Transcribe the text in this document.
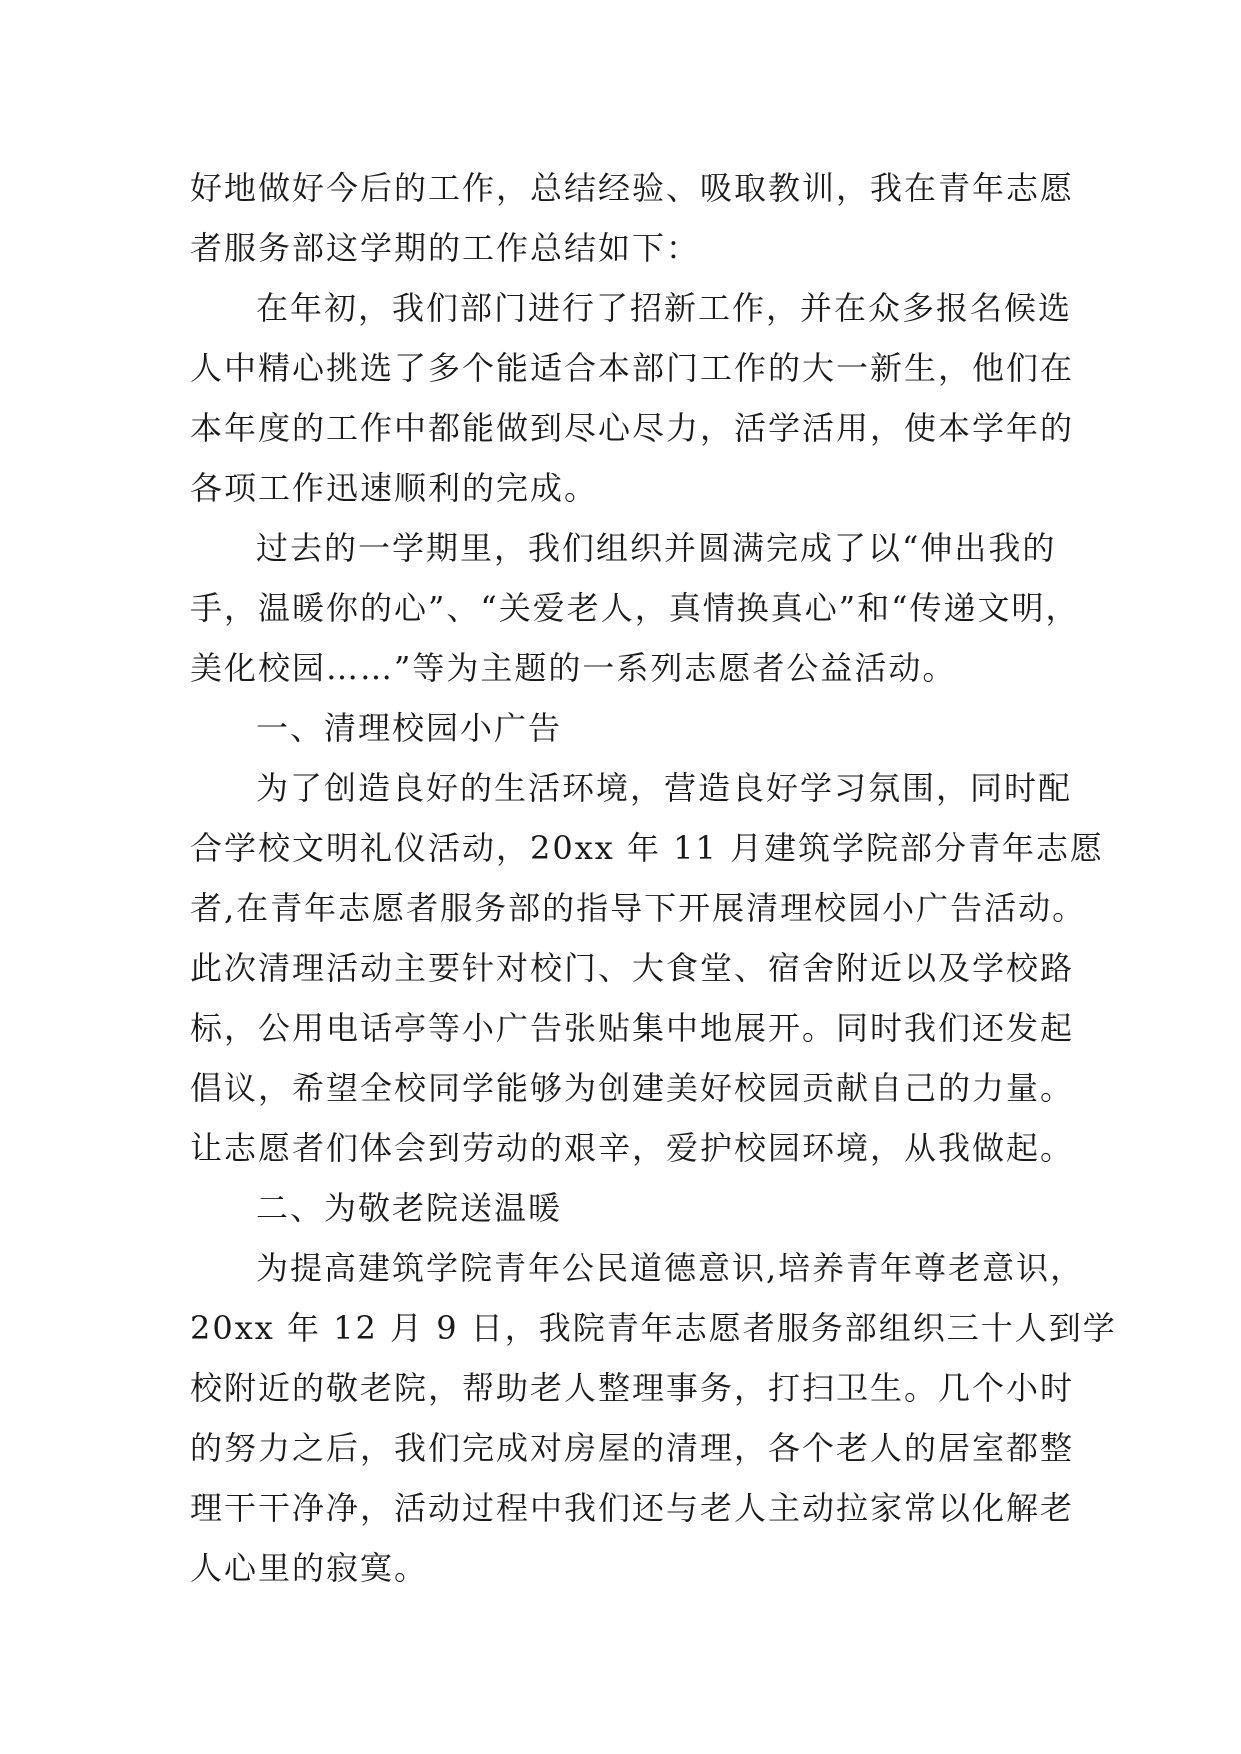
好地做好今后的工作，总结经验、吸取教训，我在青年志愿
者服务部这学期的工作总结如下：
在年初，我们部门进行了招新工作，并在众多报名候选
人中精心挑选了多个能适合本部门工作的大一新生，他们在
本年度的工作中都能做到尽心尽力，活学活用，使本学年的
各项工作迅速顺利的完成。
过去的一学期里，我们组织并圆满完成了以“伸出我的
手，温暖你的心”、“关爱老人，真情换真心”和“传递文明，
美化校园……”等为主题的一系列志愿者公益活动。
一、清理校园小广告
为了创造良好的生活环境，营造良好学习氛围，同时配
合学校文明礼仪活动，20xx 年 11 月建筑学院部分青年志愿
者,在青年志愿者服务部的指导下开展清理校园小广告活动。
此次清理活动主要针对校门、大食堂、宿舍附近以及学校路
标，公用电话亭等小广告张贴集中地展开。同时我们还发起
倡议，希望全校同学能够为创建美好校园贡献自己的力量。
让志愿者们体会到劳动的艰辛，爱护校园环境，从我做起。
二、为敬老院送温暖
为提高建筑学院青年公民道德意识,培养青年尊老意识，
20xx 年 12 月 9 日，我院青年志愿者服务部组织三十人到学
校附近的敬老院，帮助老人整理事务，打扫卫生。几个小时
的努力之后，我们完成对房屋的清理，各个老人的居室都整
理干干净净，活动过程中我们还与老人主动拉家常以化解老
人心里的寂寞。
